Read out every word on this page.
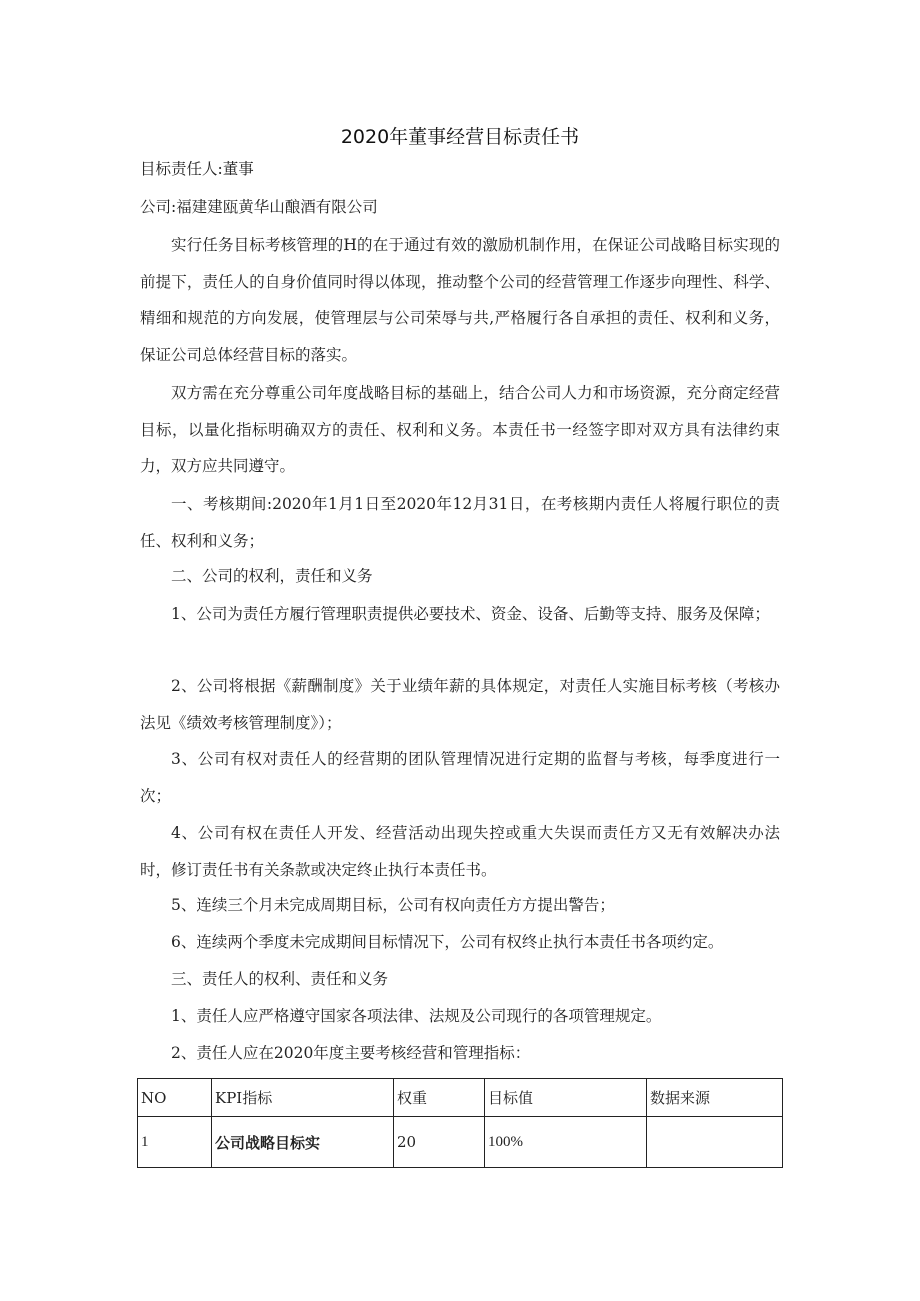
2020年董事经营目标责任书
目标责任人:董事
公司:福建建瓯黄华山酿酒有限公司

实行任务目标考核管理的H的在于通过有效的激励机制作用，在保证公司战略目标实现的前提下，责任人的自身价值同时得以体现，推动整个公司的经营管理工作逐步向理性、科学、精细和规范的方向发展，使管理层与公司荣辱与共,严格履行各自承担的责任、权利和义务，保证公司总体经营目标的落实。

双方需在充分尊重公司年度战略目标的基础上，结合公司人力和市场资源，充分商定经营目标，以量化指标明确双方的责任、权利和义务。本责任书一经签字即对双方具有法律约束力，双方应共同遵守。

一、考核期间:2020年1月1日至2020年12月31日，在考核期内责任人将履行职位的责任、权利和义务；

二、公司的权利，责任和义务

1、公司为责任方履行管理职责提供必要技术、资金、设备、后勤等支持、服务及保障；

2、公司将根据《薪酬制度》关于业绩年薪的具体规定，对责任人实施目标考核（考核办法见《绩效考核管理制度》）；

3、公司有权对责任人的经营期的团队管理情况进行定期的监督与考核，每季度进行一次；

4、公司有权在责任人开发、经营活动出现失控或重大失误而责任方又无有效解决办法时，修订责任书有关条款或决定终止执行本责任书。

5、连续三个月未完成周期目标，公司有权向责任方方提出警告；

6、连续两个季度未完成期间目标情况下，公司有权终止执行本责任书各项约定。

三、责任人的权利、责任和义务

1、责任人应严格遵守国家各项法律、法规及公司现行的各项管理规定。

2、责任人应在2020年度主要考核经营和管理指标：

NO	KPI指标	权重	目标值	数据来源
1	公司战略目标实	20	100%	
